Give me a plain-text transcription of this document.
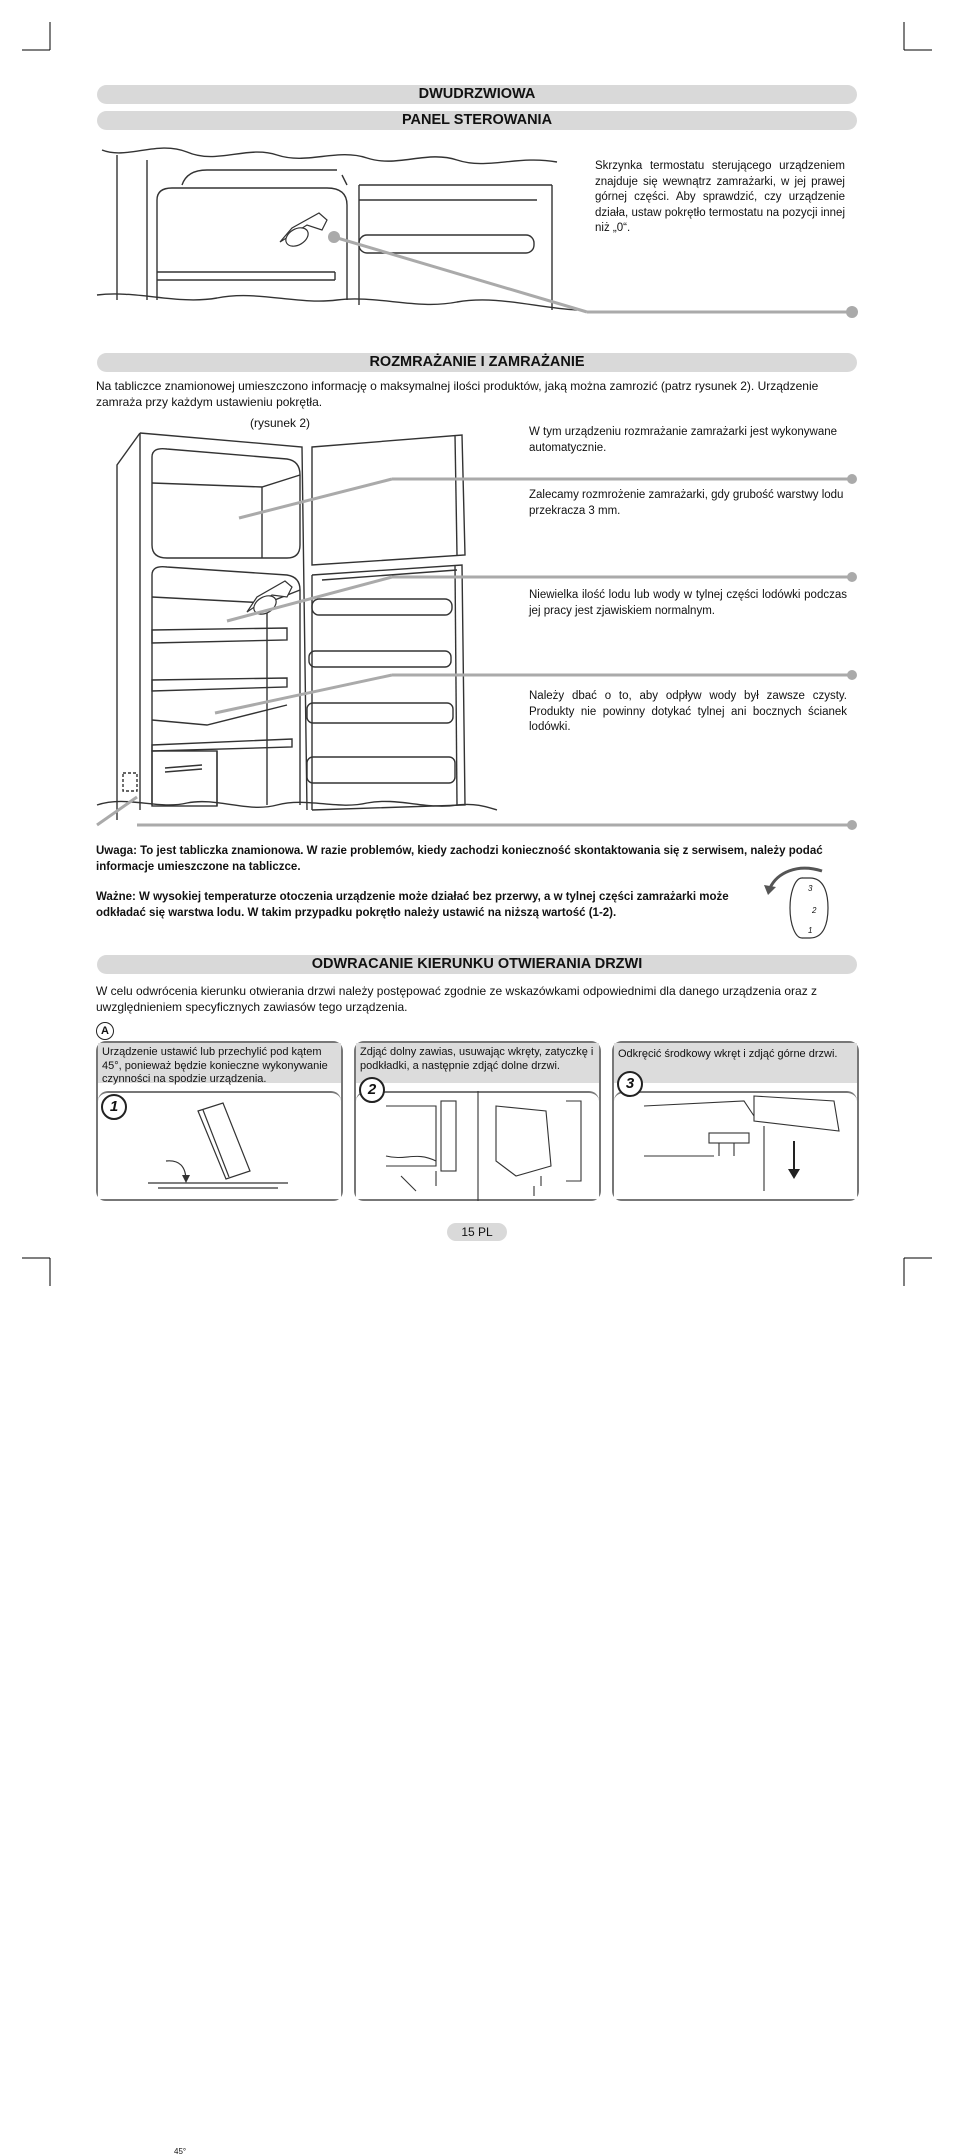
DWUDRZWIOWA
PANEL STEROWANIA
Skrzynka termostatu sterującego urządzeniem znajduje się wewnątrz zamrażarki, w jej prawej górnej części. Aby sprawdzić, czy urządzenie działa, ustaw pokrętło termostatu na pozycji innej niż „0“.
ROZMRAŻANIE I ZAMRAŻANIE
Na tabliczce znamionowej umieszczono informację o maksymalnej ilości produktów, jaką można zamrozić (patrz rysunek 2). Urządzenie zamraża przy każdym ustawieniu pokrętła.
(rysunek 2)
W tym urządzeniu rozmrażanie zamrażarki jest wykonywane automatycznie.
Zalecamy rozmrożenie zamrażarki, gdy grubość warstwy lodu przekracza 3 mm.
Niewielka ilość lodu lub wody w tylnej części lodówki podczas jej pracy jest zjawiskiem normalnym.
Należy dbać o to, aby odpływ wody był zawsze czysty. Produkty nie powinny dotykać tylnej ani bocznych ścianek lodówki.
Uwaga: To jest tabliczka znamionowa. W razie problemów, kiedy zachodzi konieczność skontaktowania się z serwisem, należy podać informacje umieszczone na tabliczce.
Ważne: W wysokiej temperaturze otoczenia urządzenie może działać bez przerwy, a w tylnej części zamrażarki może odkładać się warstwa lodu. W takim przypadku pokrętło należy ustawić na niższą wartość (1-2).
3
2
1
ODWRACANIE KIERUNKU OTWIERANIA DRZWI
W celu odwrócenia kierunku otwierania drzwi należy postępować zgodnie ze wskazówkami odpowiednimi dla danego urządzenia oraz z uwzględnieniem specyficznych zawiasów tego urządzenia.
A
Urządzenie ustawić lub przechylić pod kątem 45°, ponieważ będzie konieczne wykonywanie czynności na spodzie urządzenia.
1
45°
Zdjąć dolny zawias, usuwając wkręty, zatyczkę i podkładki, a następnie zdjąć dolne drzwi.
2
Odkręcić środkowy wkręt i zdjąć górne drzwi.
3
15 PL
